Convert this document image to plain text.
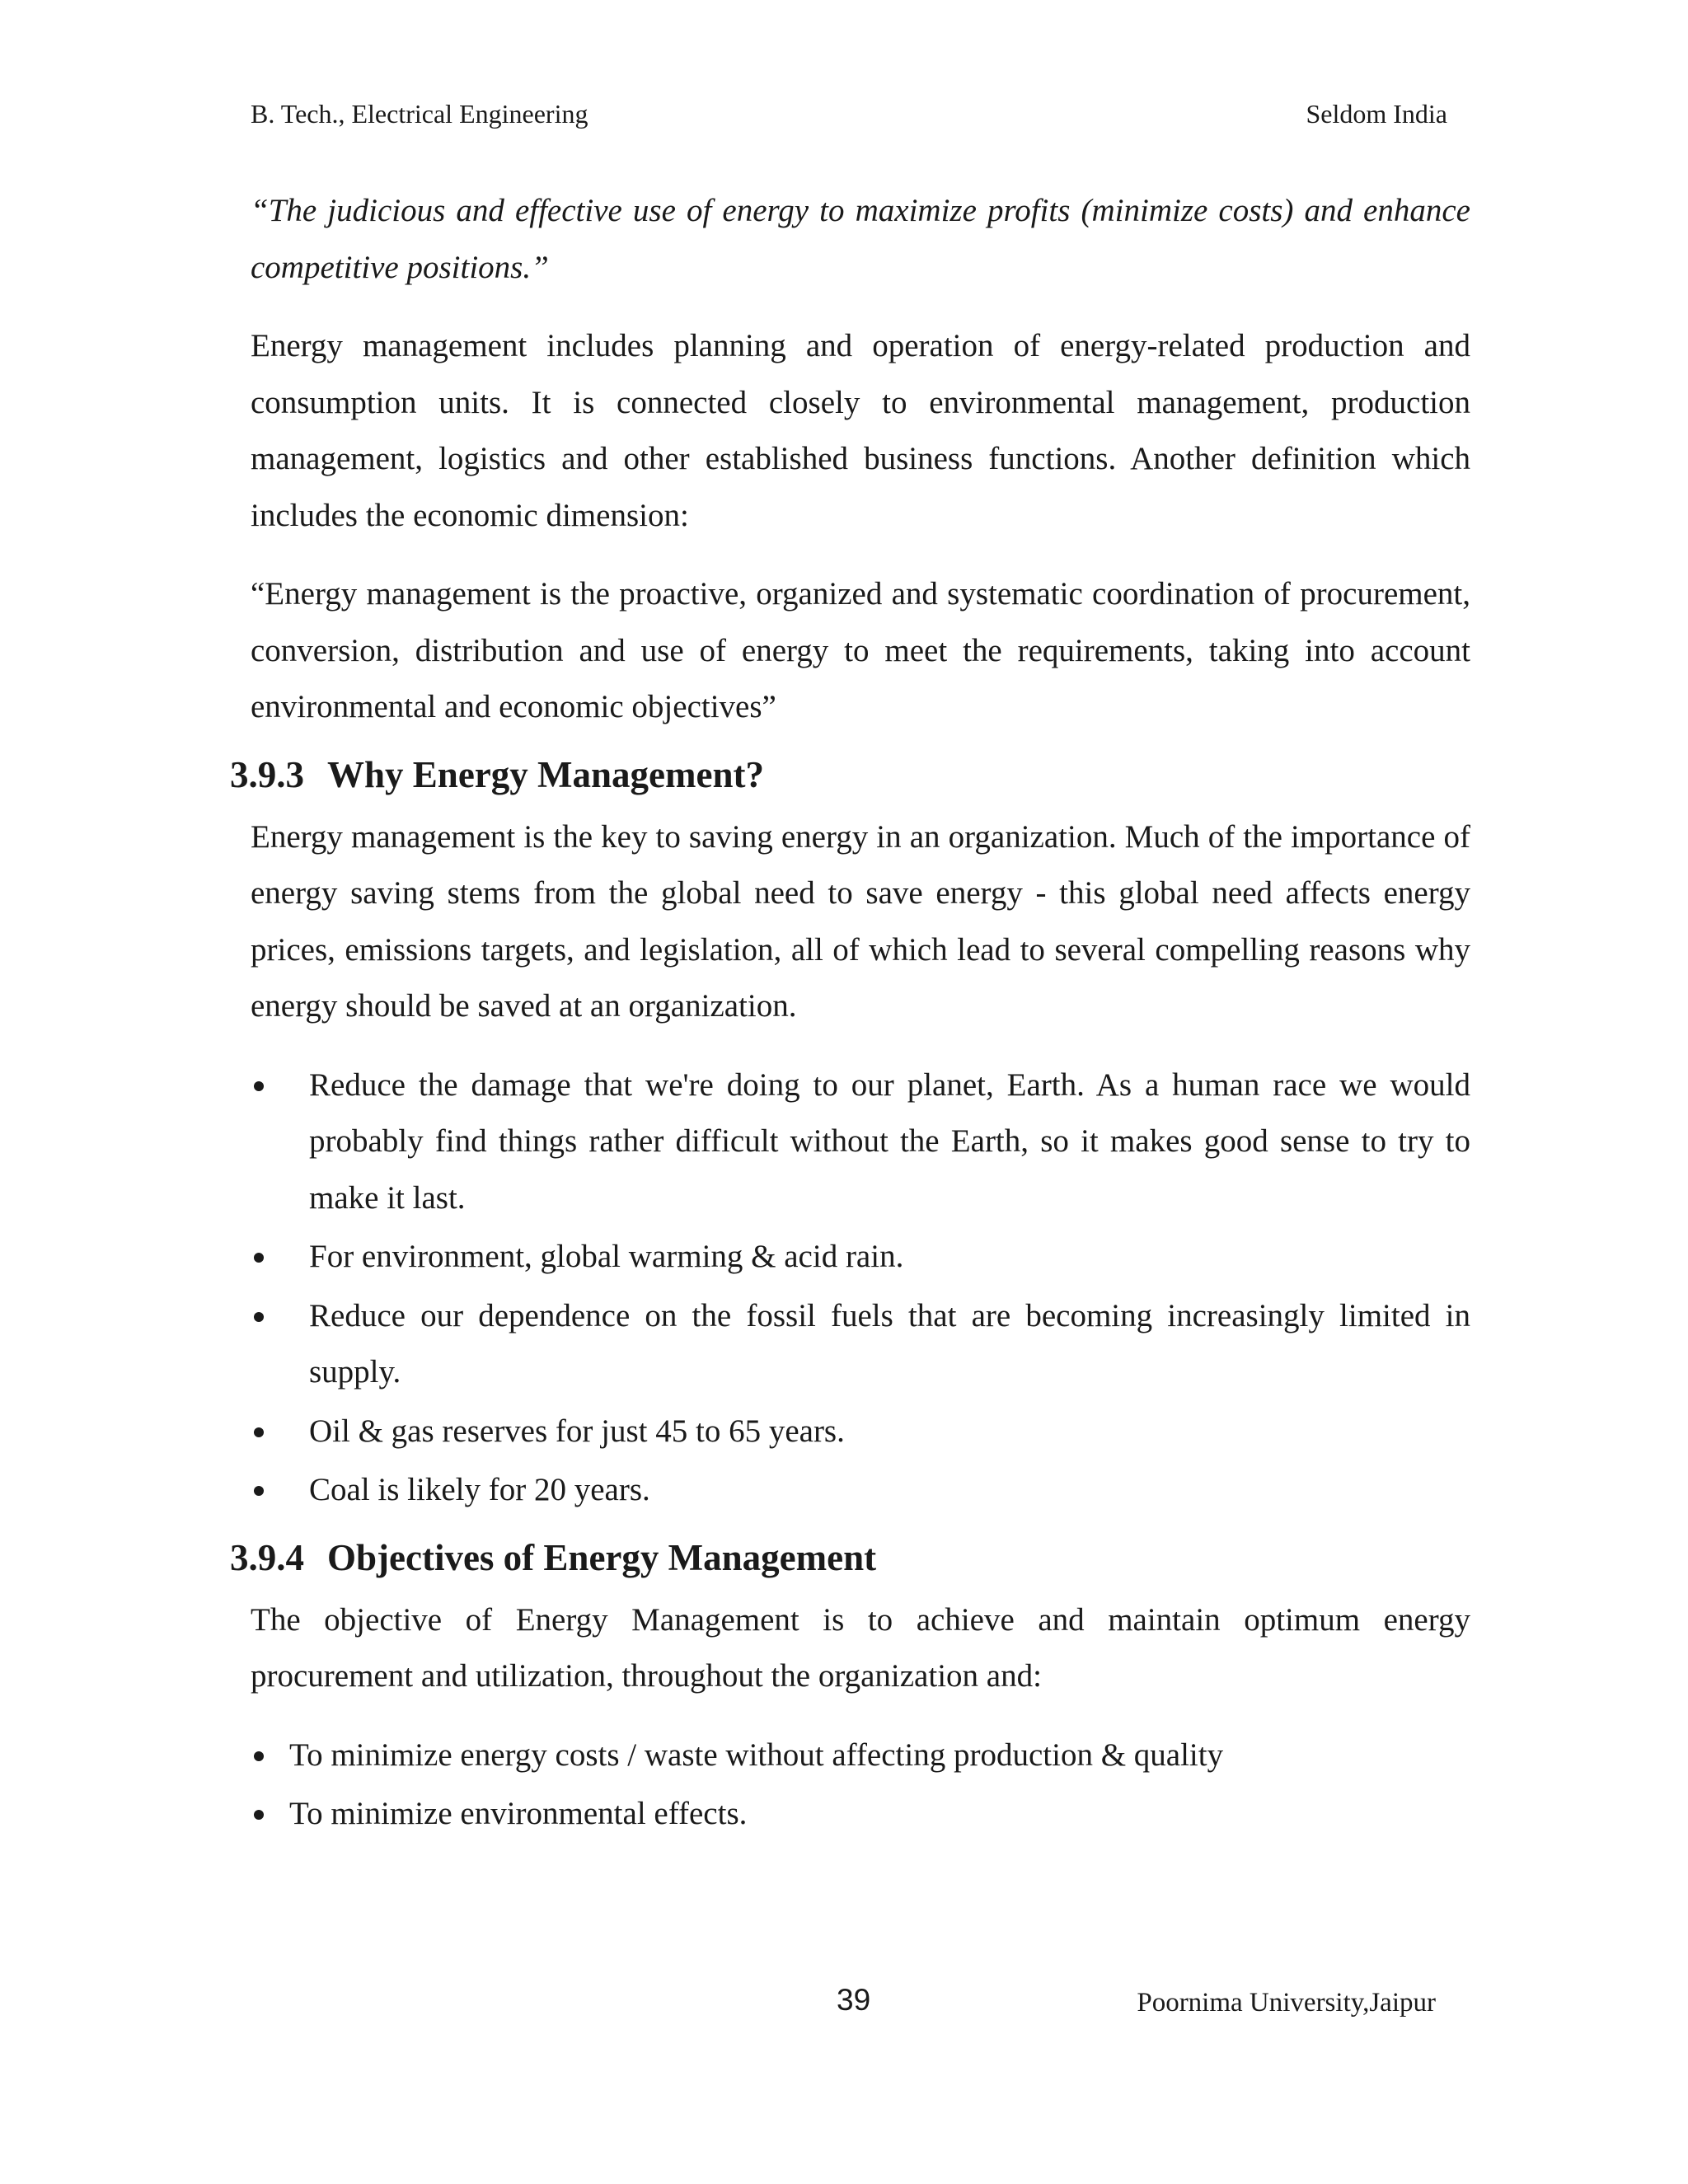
B. Tech., Electrical Engineering	Seldom India

“The judicious and effective use of energy to maximize profits (minimize costs) and enhance competitive positions.”

Energy management includes planning and operation of energy-related production and consumption units. It is connected closely to environmental management, production management, logistics and other established business functions. Another definition which includes the economic dimension:

“Energy management is the proactive, organized and systematic coordination of procurement, conversion, distribution and use of energy to meet the requirements, taking into account environmental and economic objectives”

3.9.3 Why Energy Management?

Energy management is the key to saving energy in an organization. Much of the importance of energy saving stems from the global need to save energy - this global need affects energy prices, emissions targets, and legislation, all of which lead to several compelling reasons why energy should be saved at an organization.

Reduce the damage that we're doing to our planet, Earth. As a human race we would probably find things rather difficult without the Earth, so it makes good sense to try to make it last.
For environment, global warming & acid rain.
Reduce our dependence on the fossil fuels that are becoming increasingly limited in supply.
Oil & gas reserves for just 45 to 65 years.
Coal is likely for 20 years.
3.9.4 Objectives of Energy Management

The objective of Energy Management is to achieve and maintain optimum energy procurement and utilization, throughout the organization and:

To minimize energy costs / waste without affecting production & quality
To minimize environmental effects.
39	Poornima University,Jaipur
